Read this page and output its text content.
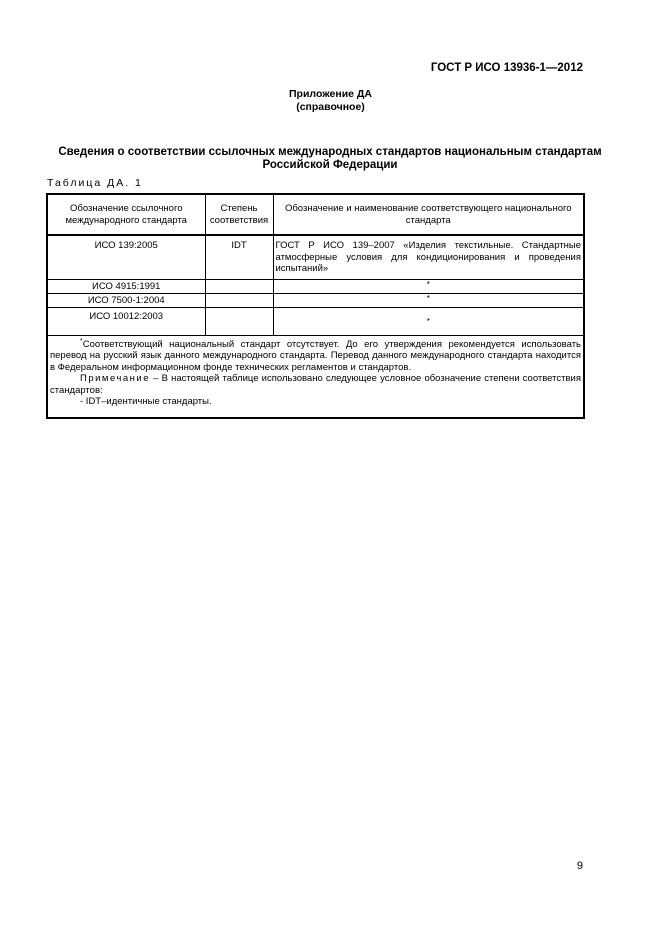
ГОСТ Р ИСО 13936-1—2012
Приложение ДА
(справочное)
Сведения о соответствии ссылочных международных стандартов национальным стандартам
Российской Федерации
Таблица ДА. 1
Обозначение ссылочного международного стандарта	Степень соответствия	Обозначение и наименование соответствующего национального стандарта
ИСО 139:2005	IDT	ГОСТ Р ИСО 139–2007 «Изделия текстильные. Стандартные атмосферные условия для кондиционирования и проведения испытаний»
ИСО 4915:1991		*
ИСО 7500-1:2004		*
ИСО 10012:2003		*

*Соответствующий национальный стандарт отсутствует. До его утверждения рекомендуется использовать перевод на русский язык данного международного стандарта. Перевод данного международного стандарта находится в Федеральном информационном фонде технических регламентов и стандартов.

Примечание – В настоящей таблице использовано следующее условное обозначение степени соответствия стандартов:

- IDT–идентичные стандарты.		

9
